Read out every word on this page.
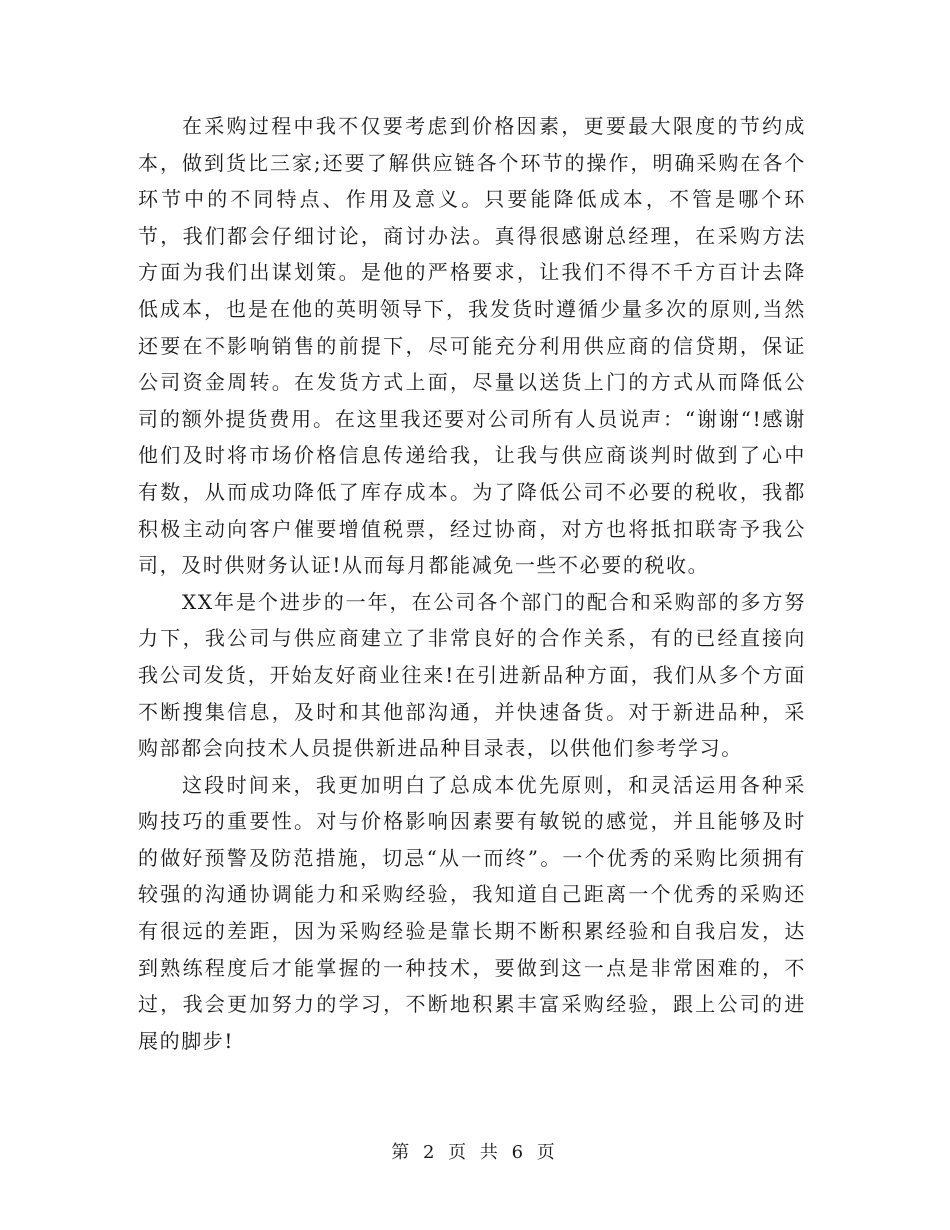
在采购过程中我不仅要考虑到价格因素，更要最大限度的节约成本，做到货比三家;还要了解供应链各个环节的操作，明确采购在各个环节中的不同特点、作用及意义。只要能降低成本，不管是哪个环节，我们都会仔细讨论，商讨办法。真得很感谢总经理，在采购方法方面为我们出谋划策。是他的严格要求，让我们不得不千方百计去降低成本，也是在他的英明领导下，我发货时遵循少量多次的原则,当然还要在不影响销售的前提下，尽可能充分利用供应商的信贷期，保证公司资金周转。在发货方式上面，尽量以送货上门的方式从而降低公司的额外提货费用。在这里我还要对公司所有人员说声：“谢谢“!感谢他们及时将市场价格信息传递给我，让我与供应商谈判时做到了心中有数，从而成功降低了库存成本。为了降低公司不必要的税收，我都积极主动向客户催要增值税票，经过协商，对方也将抵扣联寄予我公司，及时供财务认证!从而每月都能减免一些不必要的税收。

XX年是个进步的一年，在公司各个部门的配合和采购部的多方努力下，我公司与供应商建立了非常良好的合作关系，有的已经直接向我公司发货，开始友好商业往来!在引进新品种方面，我们从多个方面不断搜集信息，及时和其他部沟通，并快速备货。对于新进品种，采购部都会向技术人员提供新进品种目录表，以供他们参考学习。

这段时间来，我更加明白了总成本优先原则，和灵活运用各种采购技巧的重要性。对与价格影响因素要有敏锐的感觉，并且能够及时的做好预警及防范措施，切忌“从一而终”。一个优秀的采购比须拥有较强的沟通协调能力和采购经验，我知道自己距离一个优秀的采购还有很远的差距，因为采购经验是靠长期不断积累经验和自我启发，达到熟练程度后才能掌握的一种技术，要做到这一点是非常困难的，不过，我会更加努力的学习，不断地积累丰富采购经验，跟上公司的进展的脚步!

第 2 页 共 6 页
